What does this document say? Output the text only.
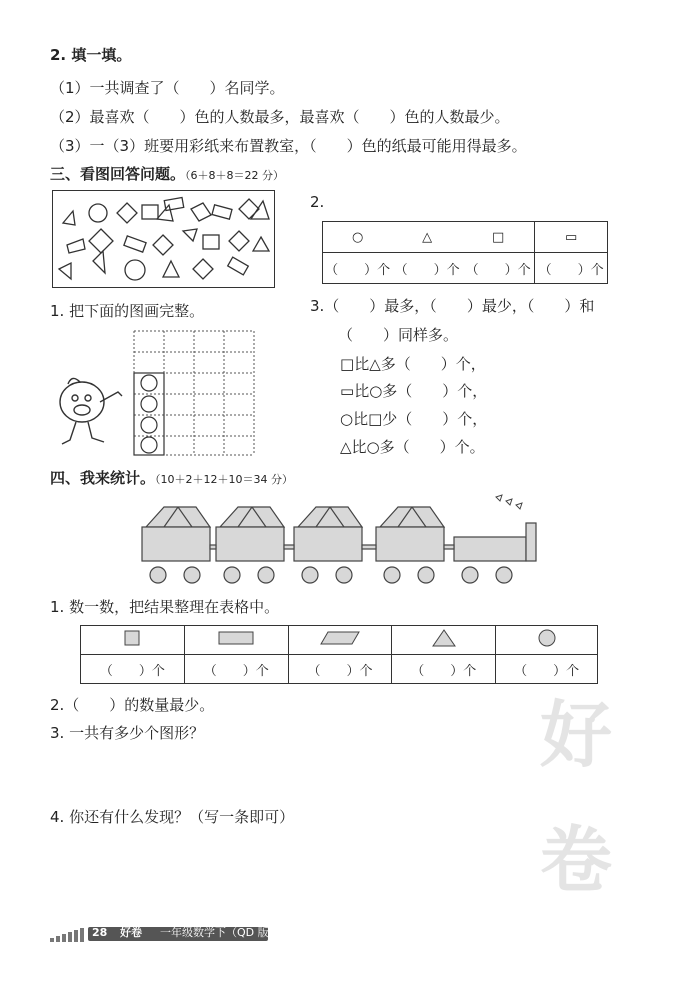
2. 填一填。
（1）一共调查了（　　）名同学。
（2）最喜欢（　　）色的人数最多，最喜欢（　　）色的人数最少。
（3）一（3）班要用彩纸来布置教室，（　　）色的纸最可能用得最多。
三、看图回答问题。（6＋8＋8＝22 分）
2.
○	△	□	▭
（　　）个	（　　）个	（　　）个	（　　）个
1. 把下面的图画完整。	3.（　　）最多，（　　）最少，（　　）和
（　　）同样多。
□比△多（　　）个，
▭比○多（　　）个，
○比□少（　　）个，
△比○多（　　）个。
四、我来统计。（10＋2＋12＋10＝34 分）
1. 数一数，把结果整理在表格中。

（　　）个	（　　）个	（　　）个	（　　）个	（　　）个
2.（　　）的数量最少。
3. 一共有多少个图形？
4. 你还有什么发现？（写一条即可）
好
卷
28 好卷 一年级数学下（QD 版）
